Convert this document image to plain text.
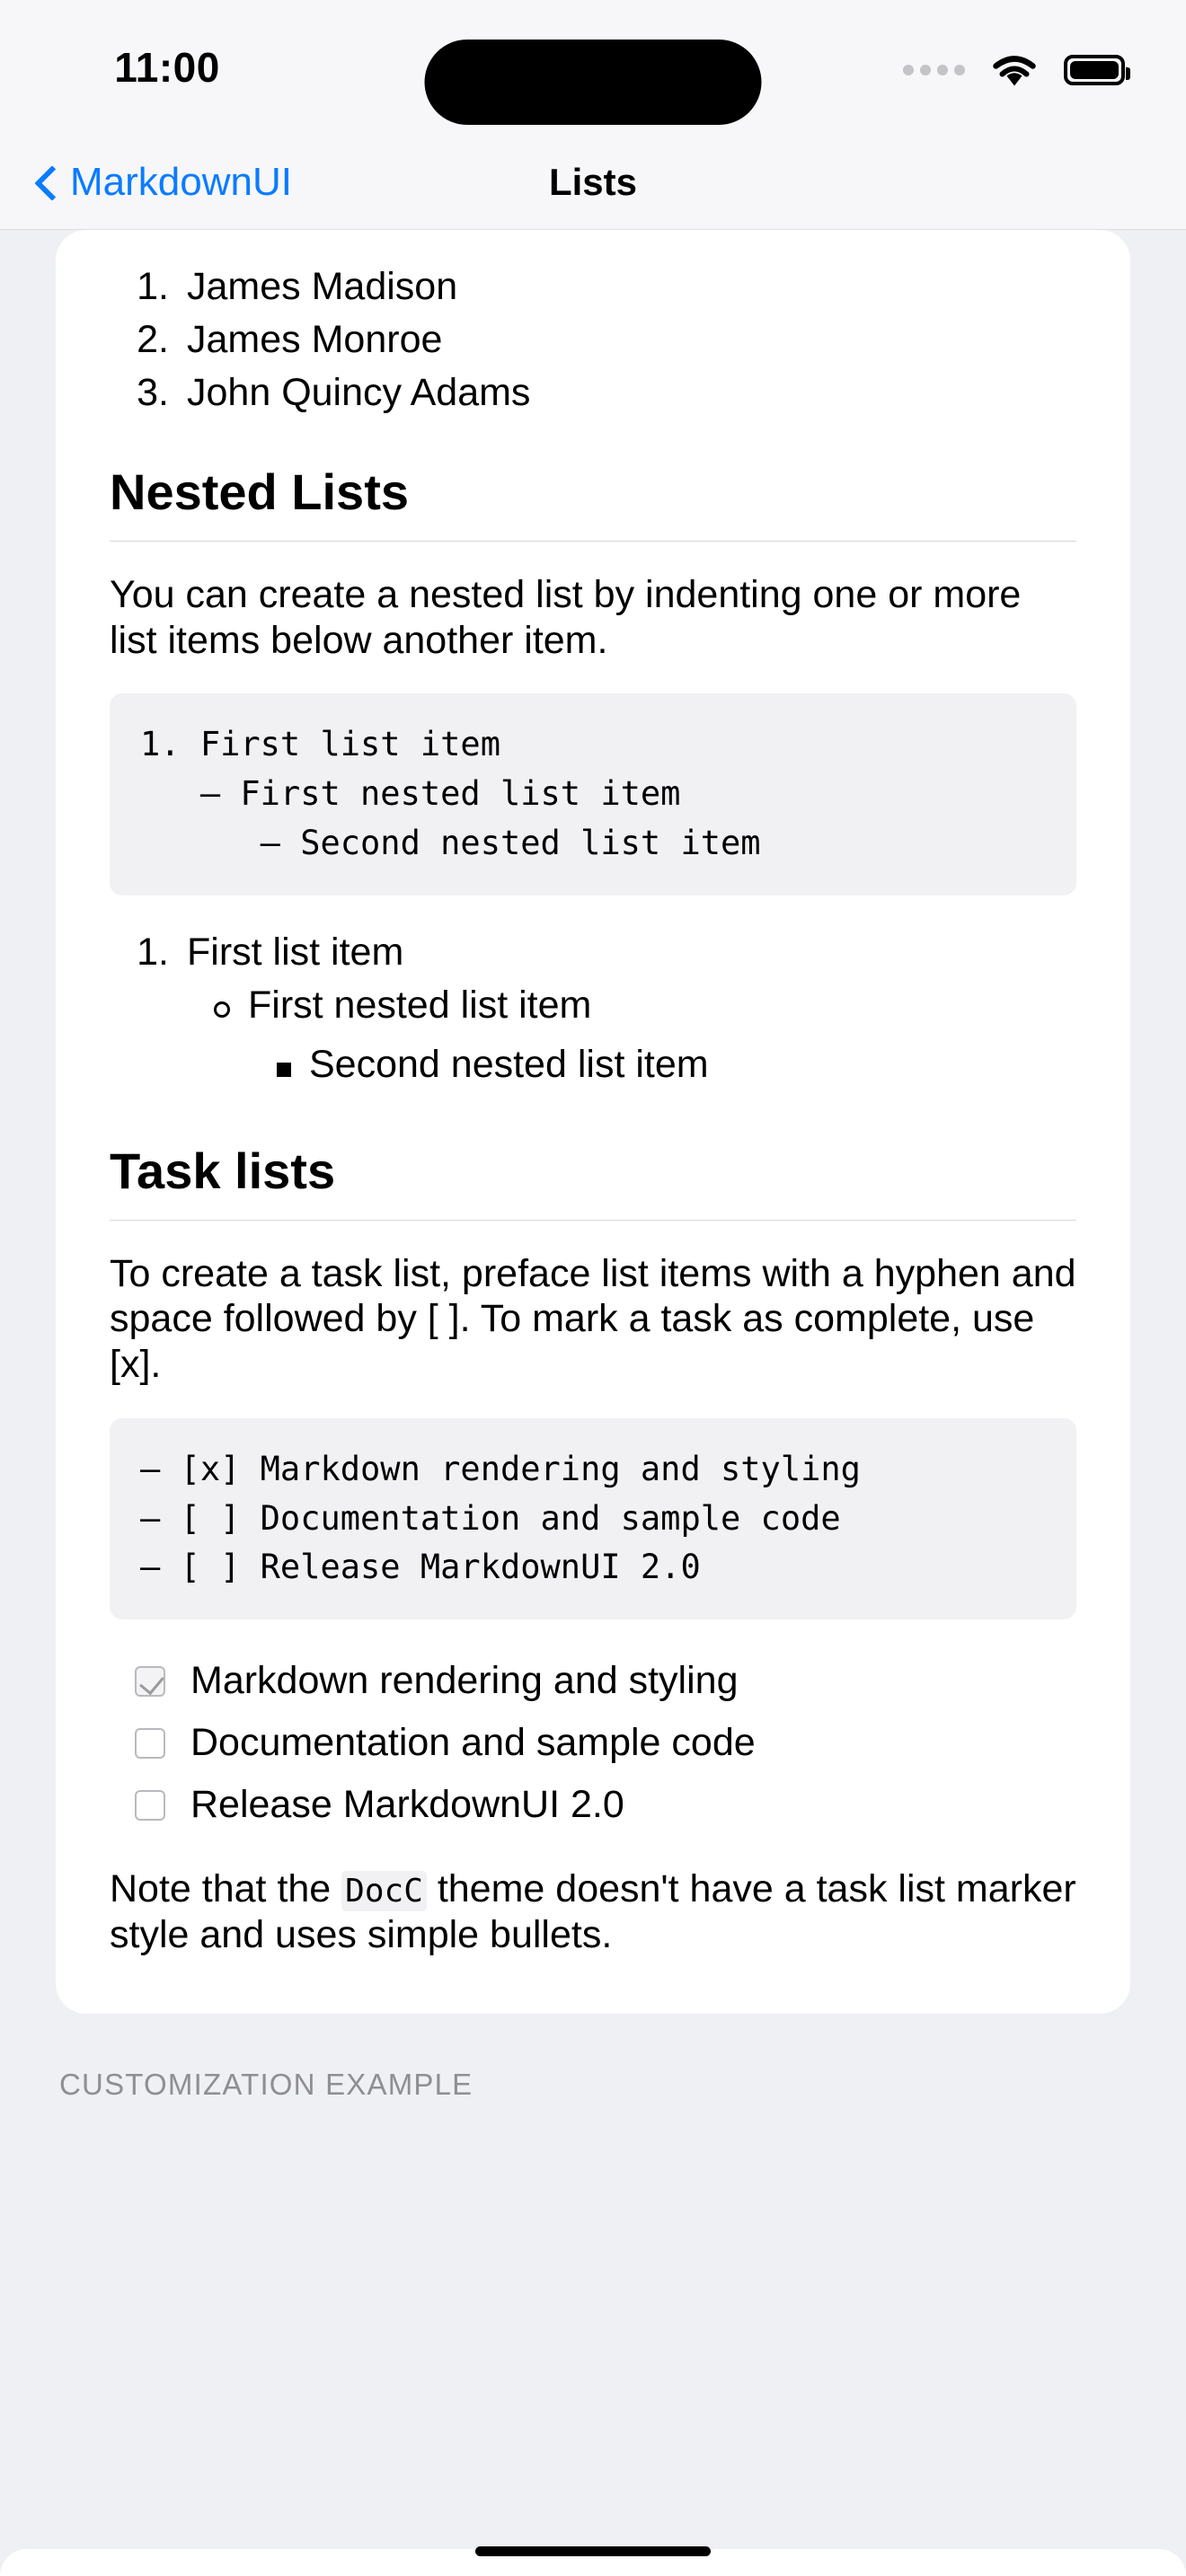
11:00
MarkdownUI	Lists
1. James Madison
2. James Monroe
3. John Quincy Adams
Nested Lists

You can create a nested list by indenting one or more list items below another item.

1. First list item
– First nested list item
– Second nested list item
1. First list item
First nested list item
Second nested list item
Task lists

To create a task list, preface list items with a hyphen and space followed by [ ]. To mark a task as complete, use [x].

– [x] Markdown rendering and styling
– [ ] Documentation and sample code
– [ ] Release MarkdownUI 2.0
Markdown rendering and styling
Documentation and sample code
Release MarkdownUI 2.0

Note that the DocC theme doesn't have a task list marker style and uses simple bullets.

CUSTOMIZATION EXAMPLE
